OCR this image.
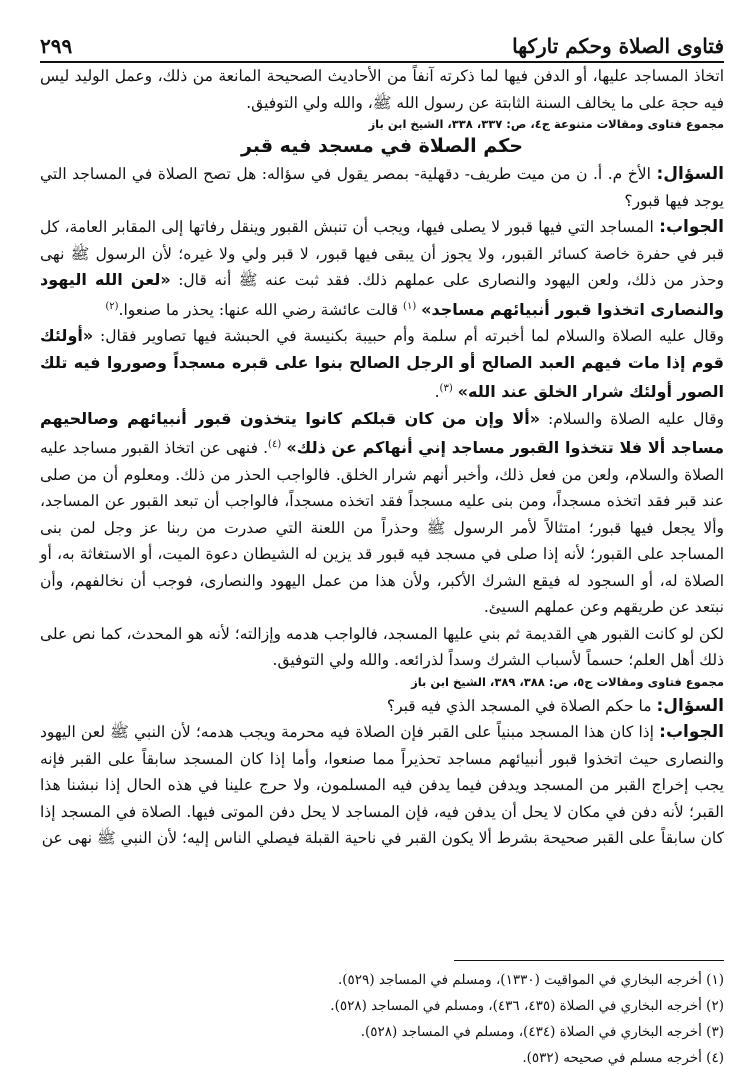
فتاوى الصلاة وحكم تاركها
٢٩٩

اتخاذ المساجد عليها، أو الدفن فيها لما ذكرته آنفاً من الأحاديث الصحيحة المانعة من ذلك، وعمل الوليد ليس فيه حجة على ما يخالف السنة الثابتة عن رسول الله ﷺ، والله ولي التوفيق.

مجموع فتاوى ومقالات متنوعة ج٤، ص: ٣٣٧، ٣٣٨، الشيخ ابن باز

حكم الصلاة في مسجد فيه قبر

السؤال: الأخ م. أ. ن من ميت طريف- دقهلية- بمصر يقول في سؤاله: هل تصح الصلاة في المساجد التي يوجد فيها قبور؟

الجواب: المساجد التي فيها قبور لا يصلى فيها، ويجب أن تنبش القبور وينقل رفاتها إلى المقابر العامة، كل قبر في حفرة خاصة كسائر القبور، ولا يجوز أن يبقى فيها قبور، لا قبر ولي ولا غيره؛ لأن الرسول ﷺ نهى وحذر من ذلك، ولعن اليهود والنصارى على عملهم ذلك. فقد ثبت عنه ﷺ أنه قال: «لعن الله اليهود والنصارى اتخذوا قبور أنبيائهم مساجد» $^{(١)}$ قالت عائشة رضي الله عنها: يحذر ما صنعوا.$^{(٢)}$

وقال عليه الصلاة والسلام لما أخبرته أم سلمة وأم حبيبة بكنيسة في الحبشة فيها تصاوير فقال: «أولئك قوم إذا مات فيهم العبد الصالح أو الرجل الصالح بنوا على قبره مسجداً وصوروا فيه تلك الصور أولئك شرار الخلق عند الله» $^{(٣)}$.

وقال عليه الصلاة والسلام: «ألا وإن من كان قبلكم كانوا يتخذون قبور أنبيائهم وصالحيهم مساجد ألا فلا تتخذوا القبور مساجد إني أنهاكم عن ذلك» $^{(٤)}$. فنهى عن اتخاذ القبور مساجد عليه الصلاة والسلام، ولعن من فعل ذلك، وأخبر أنهم شرار الخلق. فالواجب الحذر من ذلك. ومعلوم أن من صلى عند قبر فقد اتخذه مسجداً، ومن بنى عليه مسجداً فقد اتخذه مسجداً، فالواجب أن تبعد القبور عن المساجد، وألا يجعل فيها قبور؛ امتثالاً لأمر الرسول ﷺ وحذراً من اللعنة التي صدرت من ربنا عز وجل لمن بنى المساجد على القبور؛ لأنه إذا صلى في مسجد فيه قبور قد يزين له الشيطان دعوة الميت، أو الاستغاثة به، أو الصلاة له، أو السجود له فيقع الشرك الأكبر، ولأن هذا من عمل اليهود والنصارى، فوجب أن نخالفهم، وأن نبتعد عن طريقهم وعن عملهم السيئ.

لكن لو كانت القبور هي القديمة ثم بني عليها المسجد، فالواجب هدمه وإزالته؛ لأنه هو المحدث، كما نص على ذلك أهل العلم؛ حسماً لأسباب الشرك وسداً لذرائعه. والله ولي التوفيق.

مجموع فتاوى ومقالات ج٥، ص: ٣٨٨، ٣٨٩، الشيخ ابن باز

السؤال: ما حكم الصلاة في المسجد الذي فيه قبر؟

الجواب: إذا كان هذا المسجد مبنياً على القبر فإن الصلاة فيه محرمة ويجب هدمه؛ لأن النبي ﷺ لعن اليهود والنصارى حيث اتخذوا قبور أنبيائهم مساجد تحذيراً مما صنعوا، وأما إذا كان المسجد سابقاً على القبر فإنه يجب إخراج القبر من المسجد ويدفن فيما يدفن فيه المسلمون، ولا حرج علينا في هذه الحال إذا نبشنا هذا القبر؛ لأنه دفن في مكان لا يحل أن يدفن فيه، فإن المساجد لا يحل دفن الموتى فيها. الصلاة في المسجد إذا كان سابقاً على القبر صحيحة بشرط ألا يكون القبر في ناحية القبلة فيصلي الناس إليه؛ لأن النبي ﷺ نهى عن

(١) أخرجه البخاري في المواقيت (١٣٣٠)، ومسلم في المساجد (٥٢٩).

(٢) أخرجه البخاري في الصلاة (٤٣٥، ٤٣٦)، ومسلم في المساجد (٥٢٨).

(٣) أخرجه البخاري في الصلاة (٤٣٤)، ومسلم في المساجد (٥٢٨).

(٤) أخرجه مسلم في صحيحه (٥٣٢).
